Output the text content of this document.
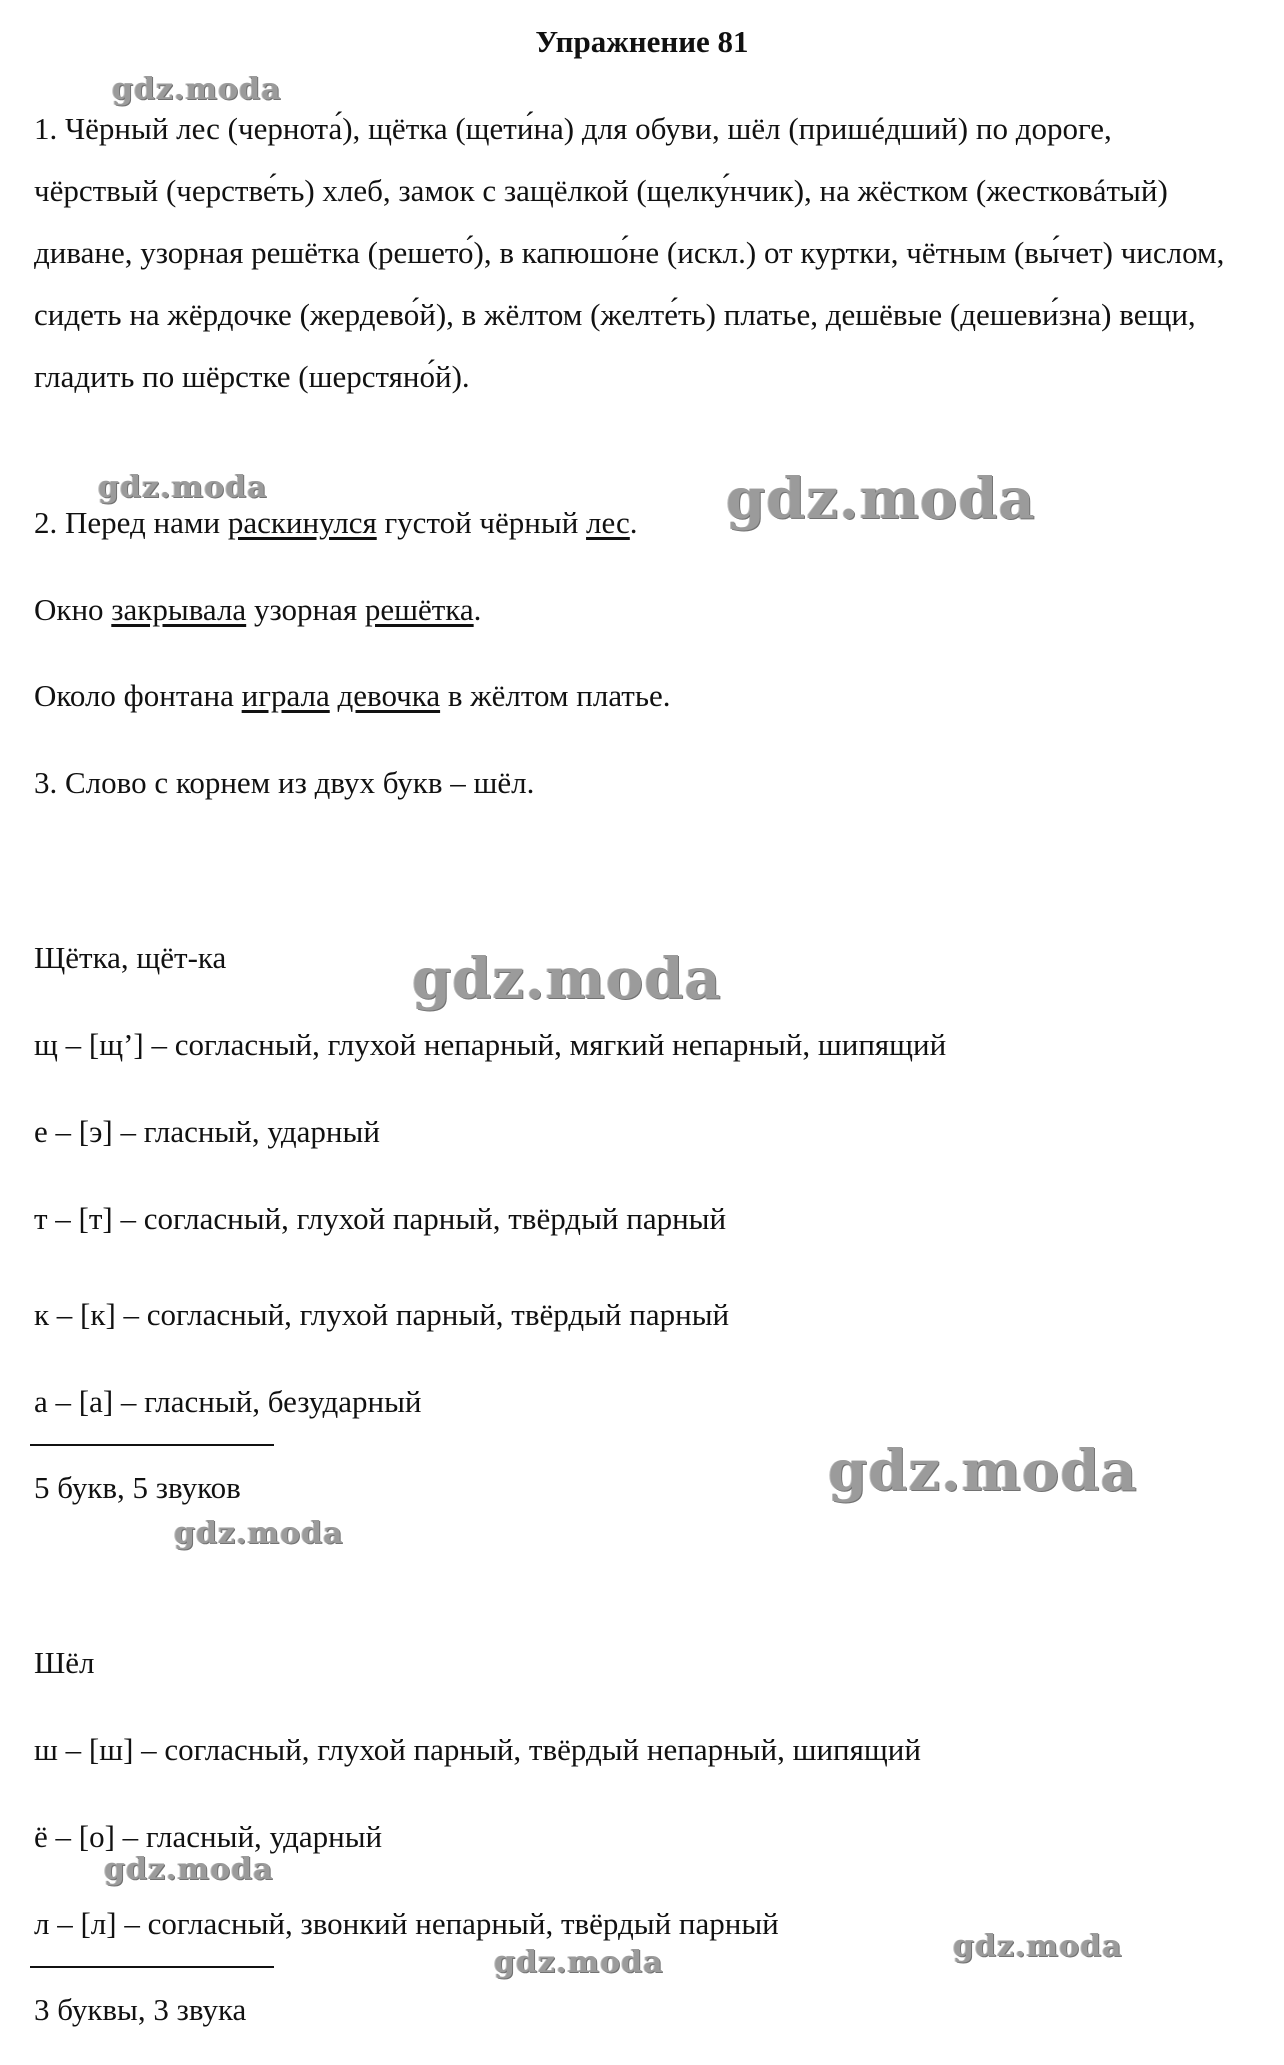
Упражнение 81
1. Чёрный лес (чернота́), щётка (щети́на) для обуви, шёл (пришéдший) по дороге, чёрствый (черстве́ть) хлеб, замок с защёлкой (щелку́нчик), на жёстком (жестковáтый) диване, узорная решётка (решето́), в капюшо́не (искл.) от куртки, чётным (вы́чет) числом, сидеть на жёрдочке (жердево́й), в жёлтом (желте́ть) платье, дешёвые (дешеви́зна) вещи, гладить по шёрстке (шерстяно́й).
2. Перед нами раскинулся густой чёрный лес.
Окно закрывала узорная решётка.
Около фонтана играла девочка в жёлтом платье.
3. Слово с корнем из двух букв – шёл.
Щётка, щёт-ка
щ – [щ’] – согласный, глухой непарный, мягкий непарный, шипящий
е – [э] – гласный, ударный
т – [т] – согласный, глухой парный, твёрдый парный
к – [к] – согласный, глухой парный, твёрдый парный
а – [а] – гласный, безударный
5 букв, 5 звуков
Шёл
ш – [ш] – согласный, глухой парный, твёрдый непарный, шипящий
ё – [о] – гласный, ударный
л – [л] – согласный, звонкий непарный, твёрдый парный
3 буквы, 3 звука
gdz.moda
gdz.moda	gdz.moda
gdz.moda
gdz.moda
gdz.moda
gdz.moda
gdz.moda	gdz.moda
